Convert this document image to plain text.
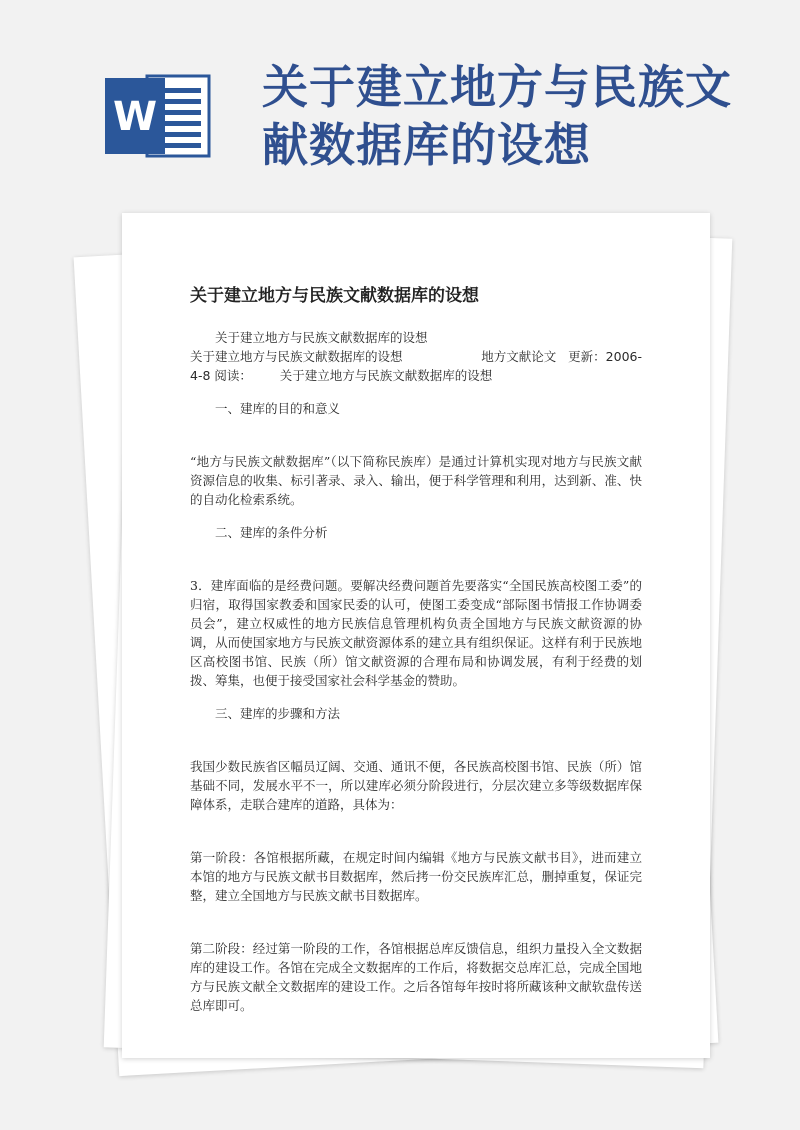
W
关于建立地方与民族文献数据库的设想
关于建立地方与民族文献数据库的设想

关于建立地方与民族文献数据库的设想

关于建立地方与民族文献数据库的设想	地方文献论文 更新：2006-

4-8 阅读： 关于建立地方与民族文献数据库的设想

一、建库的目的和意义

“地方与民族文献数据库”（以下简称民族库）是通过计算机实现对地方与民族文献资源信息的收集、标引著录、录入、输出，便于科学管理和利用，达到新、准、快的自动化检索系统。

二、建库的条件分析

3．建库面临的是经费问题。要解决经费问题首先要落实“全国民族高校图工委”的归宿，取得国家教委和国家民委的认可，使图工委变成“部际图书情报工作协调委员会”，建立权威性的地方民族信息管理机构负责全国地方与民族文献资源的协调，从而使国家地方与民族文献资源体系的建立具有组织保证。这样有利于民族地区高校图书馆、民族（所）馆文献资源的合理布局和协调发展，有利于经费的划拨、筹集，也便于接受国家社会科学基金的赞助。

三、建库的步骤和方法

我国少数民族省区幅员辽阔、交通、通讯不便，各民族高校图书馆、民族（所）馆基础不同，发展水平不一，所以建库必须分阶段进行，分层次建立多等级数据库保障体系，走联合建库的道路，具体为：

第一阶段：各馆根据所藏，在规定时间内编辑《地方与民族文献书目》，进而建立本馆的地方与民族文献书目数据库，然后拷一份交民族库汇总，删掉重复，保证完整，建立全国地方与民族文献书目数据库。

第二阶段：经过第一阶段的工作，各馆根据总库反馈信息，组织力量投入全文数据库的建设工作。各馆在完成全文数据库的工作后，将数据交总库汇总，完成全国地方与民族文献全文数据库的建设工作。之后各馆每年按时将所藏该种文献软盘传送总库即可。
